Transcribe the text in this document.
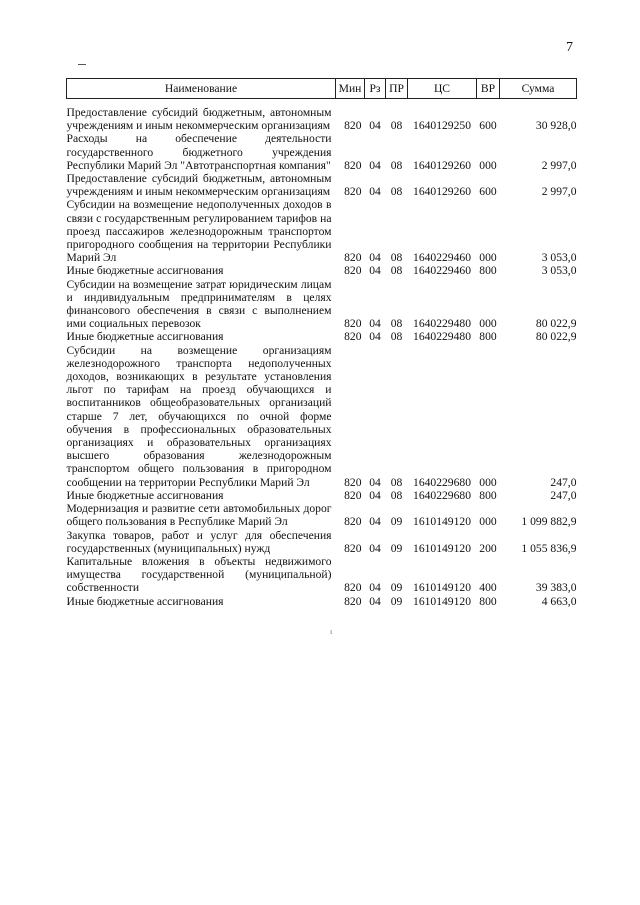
7
Наименование	Мин	Рз	ПР	ЦС	ВР	Сумма

Предоставление субсидий бюджетным, автономным учреждениям и иным некоммерческим организациям	820	04	08	1640129250	600	30 928,0
Расходы на обеспечение деятельности государственного бюджетного учреждения Республики Марий Эл "Автотранспортная компания"	820	04	08	1640129260	000	2 997,0
Предоставление субсидий бюджетным, автономным учреждениям и иным некоммерческим организациям	820	04	08	1640129260	600	2 997,0
Субсидии на возмещение недополученных доходов в связи с государственным регулированием тарифов на проезд пассажиров железнодорожным транспортом пригородного сообщения на территории Республики Марий Эл	820	04	08	1640229460	000	3 053,0
Иные бюджетные ассигнования	820	04	08	1640229460	800	3 053,0
Субсидии на возмещение затрат юридическим лицам и индивидуальным предпринимателям в целях финансового обеспечения в связи с выполнением ими социальных перевозок	820	04	08	1640229480	000	80 022,9
Иные бюджетные ассигнования	820	04	08	1640229480	800	80 022,9
Субсидии на возмещение организациям железнодорожного транспорта недополученных доходов, возникающих в результате установления льгот по тарифам на проезд обучающихся и воспитанников общеобразовательных организаций старше 7 лет, обучающихся по очной форме обучения в профессиональных образовательных организациях и образовательных организациях высшего образования железнодорожным транспортом общего пользования в пригородном сообщении на территории Республики Марий Эл	820	04	08	1640229680	000	247,0
Иные бюджетные ассигнования	820	04	08	1640229680	800	247,0
Модернизация и развитие сети автомобильных дорог общего пользования в Республике Марий Эл	820	04	09	1610149120	000	1 099 882,9
Закупка товаров, работ и услуг для обеспечения государственных (муниципальных) нужд	820	04	09	1610149120	200	1 055 836,9
Капитальные вложения в объекты недвижимого имущества государственной (муниципальной) собственности	820	04	09	1610149120	400	39 383,0
Иные бюджетные ассигнования	820	04	09	1610149120	800	4 663,0
ı
